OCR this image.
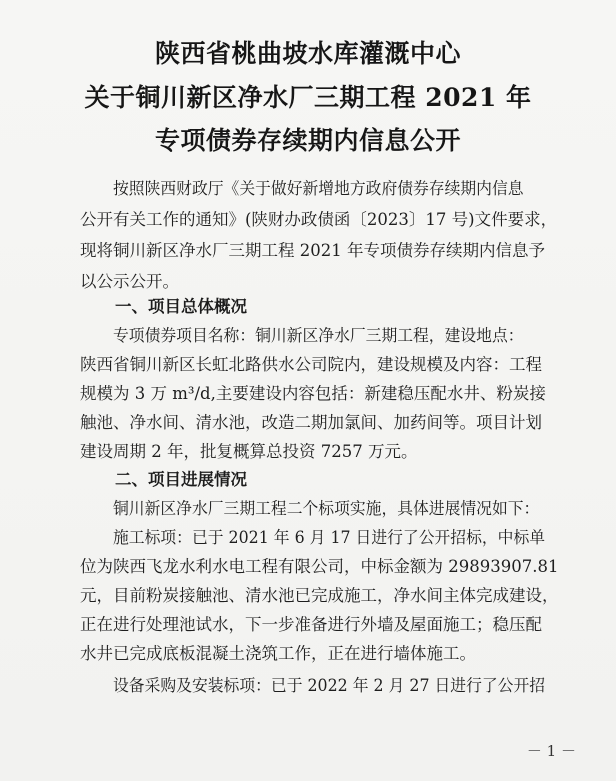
陕西省桃曲坡水库灌溉中心
关于铜川新区净水厂三期工程 2021 年
专项债券存续期内信息公开
按照陕西财政厅《关于做好新增地方政府债券存续期内信息
公开有关工作的通知》(陕财办政债函〔2023〕17 号)文件要求，
现将铜川新区净水厂三期工程 2021 年专项债券存续期内信息予
以公示公开。
一、项目总体概况
专项债券项目名称：铜川新区净水厂三期工程，建设地点：
陕西省铜川新区长虹北路供水公司院内，建设规模及内容：工程
规模为 3 万 m³/d,主要建设内容包括：新建稳压配水井、粉炭接
触池、净水间、清水池，改造二期加氯间、加药间等。项目计划
建设周期 2 年，批复概算总投资 7257 万元。
二、项目进展情况
铜川新区净水厂三期工程二个标项实施，具体进展情况如下：
施工标项：已于 2021 年 6 月 17 日进行了公开招标，中标单
位为陕西飞龙水利水电工程有限公司，中标金额为 29893907.81
元，目前粉炭接触池、清水池已完成施工，净水间主体完成建设，
正在进行处理池试水，下一步准备进行外墙及屋面施工；稳压配
水井已完成底板混凝土浇筑工作，正在进行墙体施工。
设备采购及安装标项：已于 2022 年 2 月 27 日进行了公开招
－ 1 －
